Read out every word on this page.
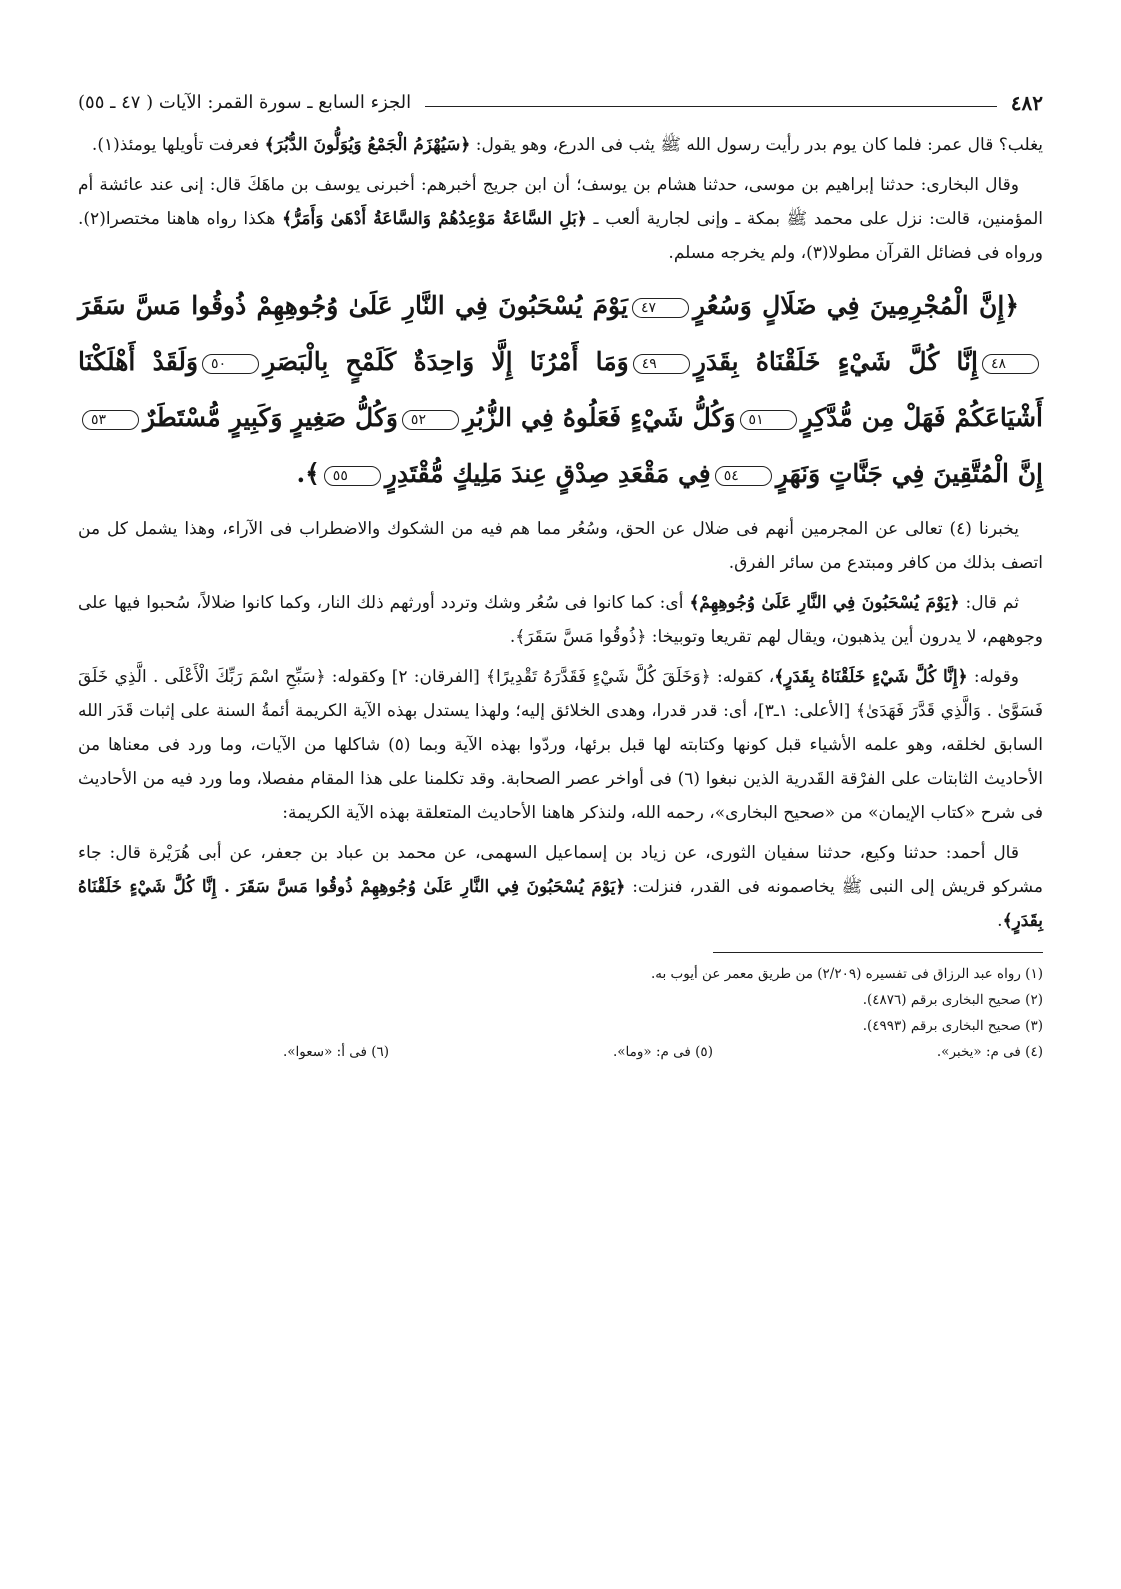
٤٨٢
الجزء السابع ـ سورة القمر: الآيات ( ٤٧ ـ ٥٥)

يغلب؟ قال عمر: فلما كان يوم بدر رأيت رسول الله ﷺ يثب فى الدرع، وهو يقول: ﴿سَيُهْزَمُ الْجَمْعُ وَيُوَلُّونَ الدُّبُرَ﴾ فعرفت تأويلها يومئذ(١).

وقال البخارى: حدثنا إبراهيم بن موسى، حدثنا هشام بن يوسف؛ أن ابن جريج أخبرهم: أخبرنى يوسف بن ماهَكَ قال: إنى عند عائشة أم المؤمنين، قالت: نزل على محمد ﷺ بمكة ـ وإنى لجارية ألعب ـ ﴿بَلِ السَّاعَةُ مَوْعِدُهُمْ وَالسَّاعَةُ أَدْهَىٰ وَأَمَرُّ﴾ هكذا رواه هاهنا مختصرا(٢). ورواه فى فضائل القرآن مطولا(٣)، ولم يخرجه مسلم.

﴿إِنَّ الْمُجْرِمِينَ فِي ضَلَالٍ وَسُعُرٍ٤٧يَوْمَ يُسْحَبُونَ فِي النَّارِ عَلَىٰ وُجُوهِهِمْ ذُوقُوا مَسَّ سَقَرَ٤٨إِنَّا كُلَّ شَيْءٍ خَلَقْنَاهُ بِقَدَرٍ٤٩وَمَا أَمْرُنَا إِلَّا وَاحِدَةٌ كَلَمْحٍ بِالْبَصَرِ٥٠وَلَقَدْ أَهْلَكْنَا أَشْيَاعَكُمْ فَهَلْ مِن مُّدَّكِرٍ٥١وَكُلُّ شَيْءٍ فَعَلُوهُ فِي الزُّبُرِ٥٢وَكُلُّ صَغِيرٍ وَكَبِيرٍ مُّسْتَطَرٌ٥٣إِنَّ الْمُتَّقِينَ فِي جَنَّاتٍ وَنَهَرٍ٥٤فِي مَقْعَدِ صِدْقٍ عِندَ مَلِيكٍ مُّقْتَدِرٍ٥٥﴾.

يخبرنا (٤) تعالى عن المجرمين أنهم فى ضلال عن الحق، وسُعُر مما هم فيه من الشكوك والاضطراب فى الآراء، وهذا يشمل كل من اتصف بذلك من كافر ومبتدع من سائر الفرق.

ثم قال: ﴿يَوْمَ يُسْحَبُونَ فِي النَّارِ عَلَىٰ وُجُوهِهِمْ﴾ أى: كما كانوا فى سُعُر وشك وتردد أورثهم ذلك النار، وكما كانوا ضلالاً، سُحبوا فيها على وجوههم، لا يدرون أين يذهبون، ويقال لهم تقريعا وتوبيخا: ﴿ذُوقُوا مَسَّ سَقَرَ﴾.

وقوله: ﴿إِنَّا كُلَّ شَيْءٍ خَلَقْنَاهُ بِقَدَرٍ﴾، كقوله: ﴿وَخَلَقَ كُلَّ شَيْءٍ فَقَدَّرَهُ تَقْدِيرًا﴾ [الفرقان: ٢] وكقوله: ﴿سَبِّحِ اسْمَ رَبِّكَ الْأَعْلَى . الَّذِي خَلَقَ فَسَوَّىٰ . وَالَّذِي قَدَّرَ فَهَدَىٰ﴾ [الأعلى: ١ـ٣]، أى: قدر قدرا، وهدى الخلائق إليه؛ ولهذا يستدل بهذه الآية الكريمة أئمةُ السنة على إثبات قَدَر الله السابق لخلقه، وهو علمه الأشياء قبل كونها وكتابته لها قبل برئها، وردّوا بهذه الآية وبما (٥) شاكلها من الآيات، وما ورد فى معناها من الأحاديث الثابتات على الفرْقة القَدرية الذين نبغوا (٦) فى أواخر عصر الصحابة. وقد تكلمنا على هذا المقام مفصلا، وما ورد فيه من الأحاديث فى شرح «كتاب الإيمان» من «صحيح البخارى»، رحمه الله، ولنذكر هاهنا الأحاديث المتعلقة بهذه الآية الكريمة:

قال أحمد: حدثنا وكيع، حدثنا سفيان الثورى، عن زياد بن إسماعيل السهمى، عن محمد بن عباد بن جعفر، عن أبى هُرَيْرة قال: جاء مشركو قريش إلى النبى ﷺ يخاصمونه فى القدر، فنزلت: ﴿يَوْمَ يُسْحَبُونَ فِي النَّارِ عَلَىٰ وُجُوهِهِمْ ذُوقُوا مَسَّ سَقَرَ . إِنَّا كُلَّ شَيْءٍ خَلَقْنَاهُ بِقَدَرٍ﴾.

(١) رواه عبد الرزاق فى تفسيره (٢/٢٠٩) من طريق معمر عن أيوب به.
(٢) صحيح البخارى برقم (٤٨٧٦).
(٣) صحيح البخارى برقم (٤٩٩٣).
(٤) فى م: «يخبر».
(٥) فى م: «وما».
(٦) فى أ: «سعوا».
